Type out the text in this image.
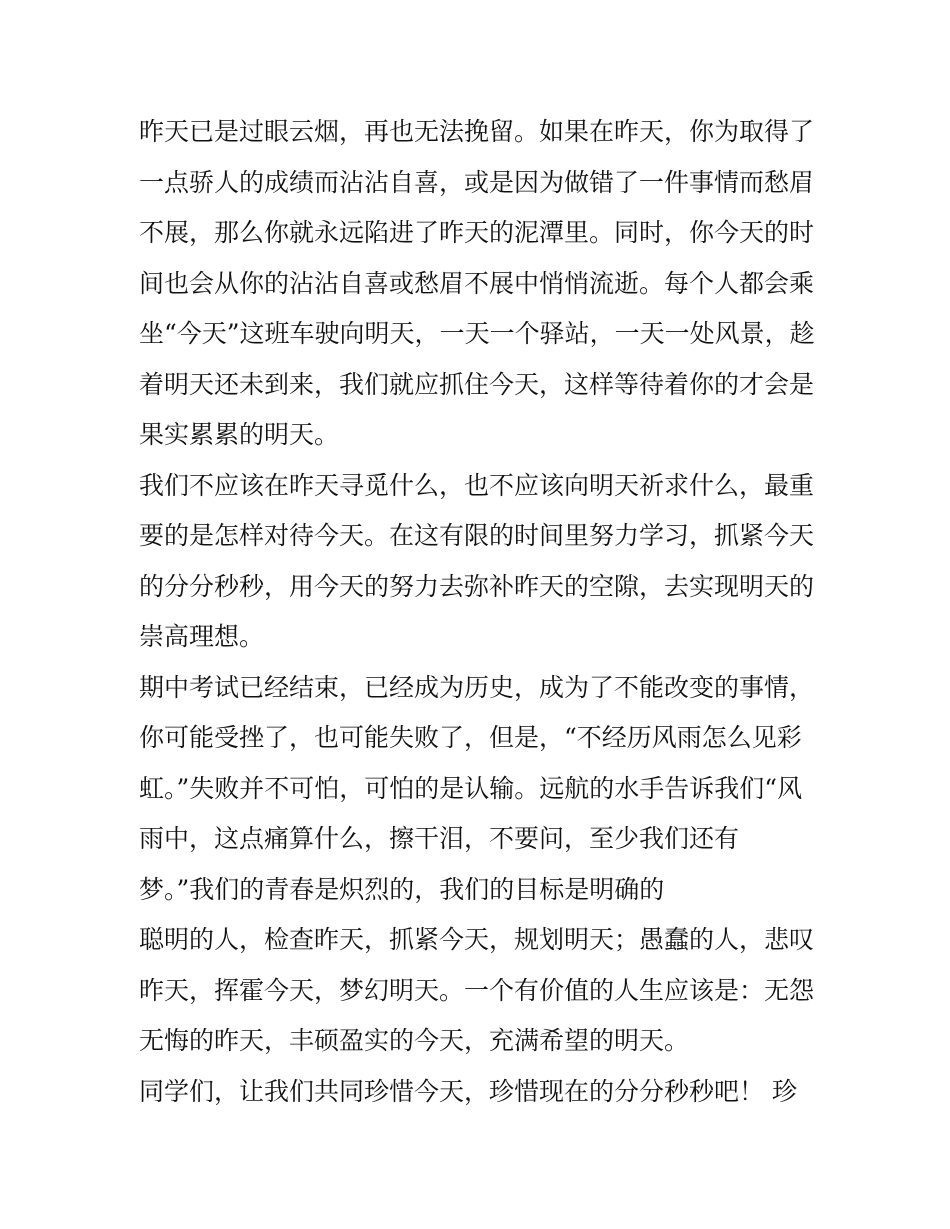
昨天已是过眼云烟，再也无法挽留。如果在昨天，你为取得了
一点骄人的成绩而沾沾自喜，或是因为做错了一件事情而愁眉
不展，那么你就永远陷进了昨天的泥潭里。同时，你今天的时
间也会从你的沾沾自喜或愁眉不展中悄悄流逝。每个人都会乘
坐“今天”这班车驶向明天，一天一个驿站，一天一处风景，趁
着明天还未到来，我们就应抓住今天，这样等待着你的才会是
果实累累的明天。
我们不应该在昨天寻觅什么，也不应该向明天祈求什么，最重
要的是怎样对待今天。在这有限的时间里努力学习，抓紧今天
的分分秒秒，用今天的努力去弥补昨天的空隙，去实现明天的
崇高理想。
期中考试已经结束，已经成为历史，成为了不能改变的事情，
你可能受挫了，也可能失败了，但是，“不经历风雨怎么见彩
虹。”失败并不可怕，可怕的是认输。远航的水手告诉我们“风
雨中，这点痛算什么，擦干泪，不要问，至少我们还有
梦。”我们的青春是炽烈的，我们的目标是明确的
聪明的人，检查昨天，抓紧今天，规划明天；愚蠢的人，悲叹
昨天，挥霍今天，梦幻明天。一个有价值的人生应该是：无怨
无悔的昨天，丰硕盈实的今天，充满希望的明天。
同学们，让我们共同珍惜今天，珍惜现在的分分秒秒吧！ 珍
